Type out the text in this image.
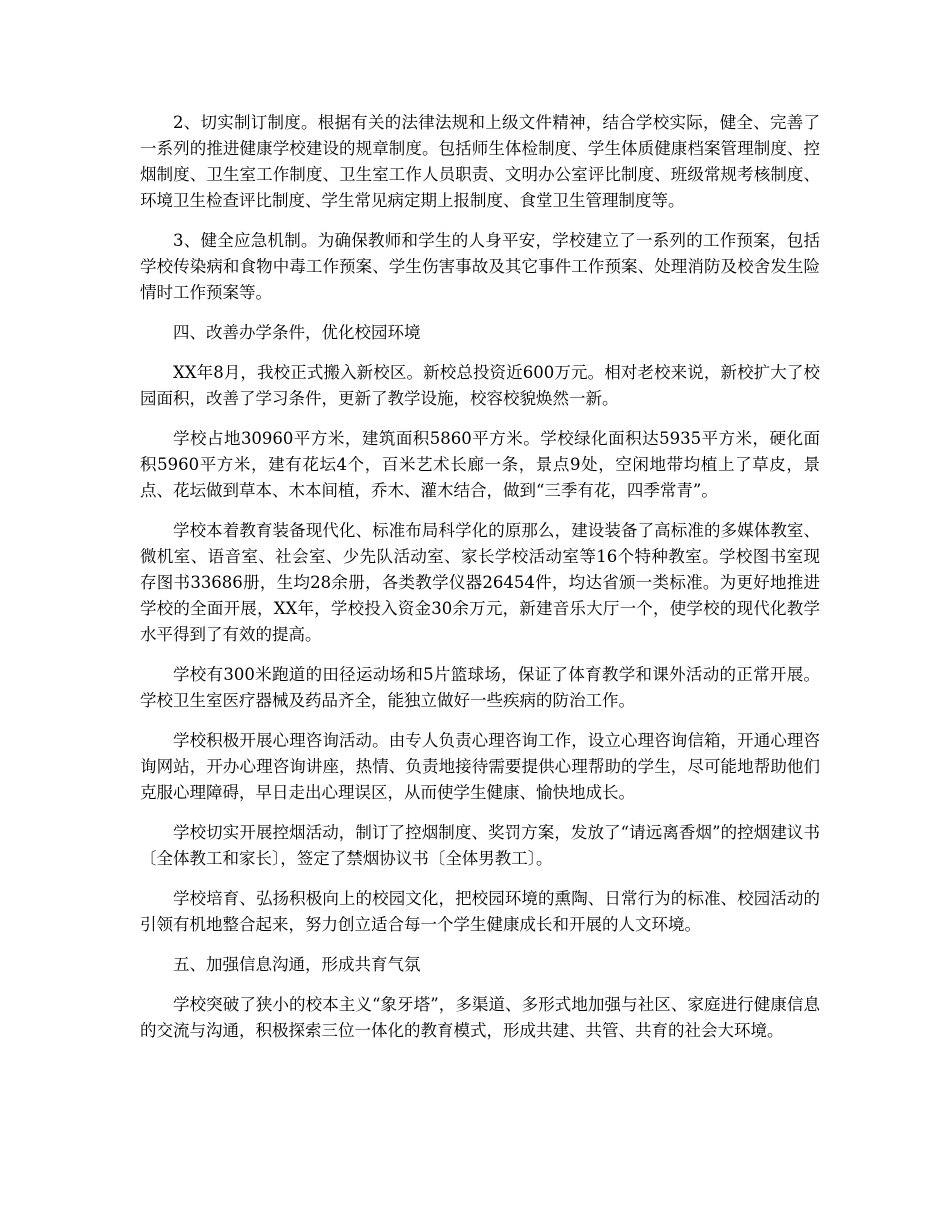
2、切实制订制度。根据有关的法律法规和上级文件精神，结合学校实际，健全、完善了一系列的推进健康学校建设的规章制度。包括师生体检制度、学生体质健康档案管理制度、控烟制度、卫生室工作制度、卫生室工作人员职责、文明办公室评比制度、班级常规考核制度、环境卫生检查评比制度、学生常见病定期上报制度、食堂卫生管理制度等。

3、健全应急机制。为确保教师和学生的人身平安，学校建立了一系列的工作预案，包括学校传染病和食物中毒工作预案、学生伤害事故及其它事件工作预案、处理消防及校舍发生险情时工作预案等。

四、改善办学条件，优化校园环境

XX年8月，我校正式搬入新校区。新校总投资近600万元。相对老校来说，新校扩大了校园面积，改善了学习条件，更新了教学设施，校容校貌焕然一新。

学校占地30960平方米，建筑面积5860平方米。学校绿化面积达5935平方米，硬化面积5960平方米，建有花坛4个，百米艺术长廊一条，景点9处，空闲地带均植上了草皮，景点、花坛做到草本、木本间植，乔木、灌木结合，做到“三季有花，四季常青”。

学校本着教育装备现代化、标准布局科学化的原那么，建设装备了高标准的多媒体教室、微机室、语音室、社会室、少先队活动室、家长学校活动室等16个特种教室。学校图书室现存图书33686册，生均28余册，各类教学仪器26454件，均达省颁一类标准。为更好地推进学校的全面开展，XX年，学校投入资金30余万元，新建音乐大厅一个，使学校的现代化教学水平得到了有效的提高。

学校有300米跑道的田径运动场和5片篮球场，保证了体育教学和课外活动的正常开展。学校卫生室医疗器械及药品齐全，能独立做好一些疾病的防治工作。

学校积极开展心理咨询活动。由专人负责心理咨询工作，设立心理咨询信箱，开通心理咨询网站，开办心理咨询讲座，热情、负责地接待需要提供心理帮助的学生，尽可能地帮助他们克服心理障碍，早日走出心理误区，从而使学生健康、愉快地成长。

学校切实开展控烟活动，制订了控烟制度、奖罚方案，发放了“请远离香烟”的控烟建议书〔全体教工和家长〕，签定了禁烟协议书〔全体男教工〕。

学校培育、弘扬积极向上的校园文化，把校园环境的熏陶、日常行为的标准、校园活动的引领有机地整合起来，努力创立适合每一个学生健康成长和开展的人文环境。

五、加强信息沟通，形成共育气氛

学校突破了狭小的校本主义“象牙塔”，多渠道、多形式地加强与社区、家庭进行健康信息的交流与沟通，积极探索三位一体化的教育模式，形成共建、共管、共育的社会大环境。
